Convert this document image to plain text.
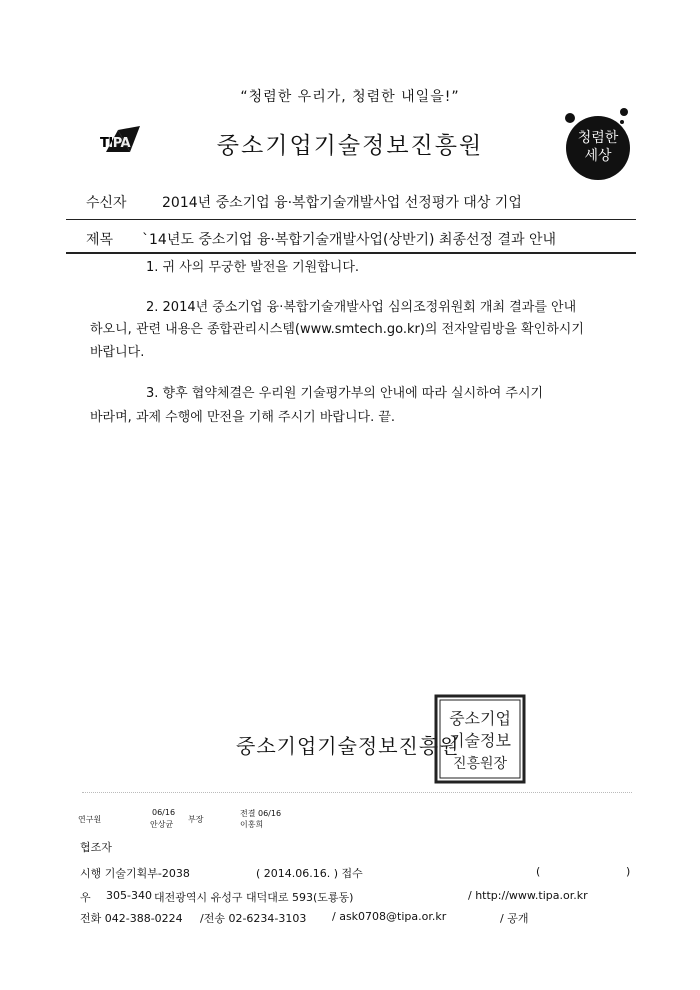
“청렴한 우리가, 청렴한 내일을!”
TIPA	중소기업기술정보진흥원	청렴한
세상
수신자	2014년 중소기업 융·복합기술개발사업 선정평가 대상 기업
제목 `14년도 중소기업 융·복합기술개발사업(상반기) 최종선정 결과 안내
1. 귀 사의 무궁한 발전을 기원합니다.
2. 2014년 중소기업 융·복합기술개발사업 심의조정위원회 개최 결과를 안내
하오니, 관련 내용은 종합관리시스템(www.smtech.go.kr)의 전자알림방을 확인하시기
바랍니다.
3. 향후 협약체결은 우리원 기술평가부의 안내에 따라 실시하여 주시기
바라며, 과제 수행에 만전을 기해 주시기 바랍니다. 끝.
중소기업기술정보진흥원
중소기업
기술정보
진흥원장
연구원
06/16
안상균
부장
전결 06/16
이홍희
협조자
시행 기술기획부-2038	( 2014.06.16. ) 접수	(	)
우 305-340 대전광역시 유성구 대덕대로 593(도룡동)	/ http://www.tipa.or.kr
전화 042-388-0224 /전송 02-6234-3103 / ask0708@tipa.or.kr	/ 공개
